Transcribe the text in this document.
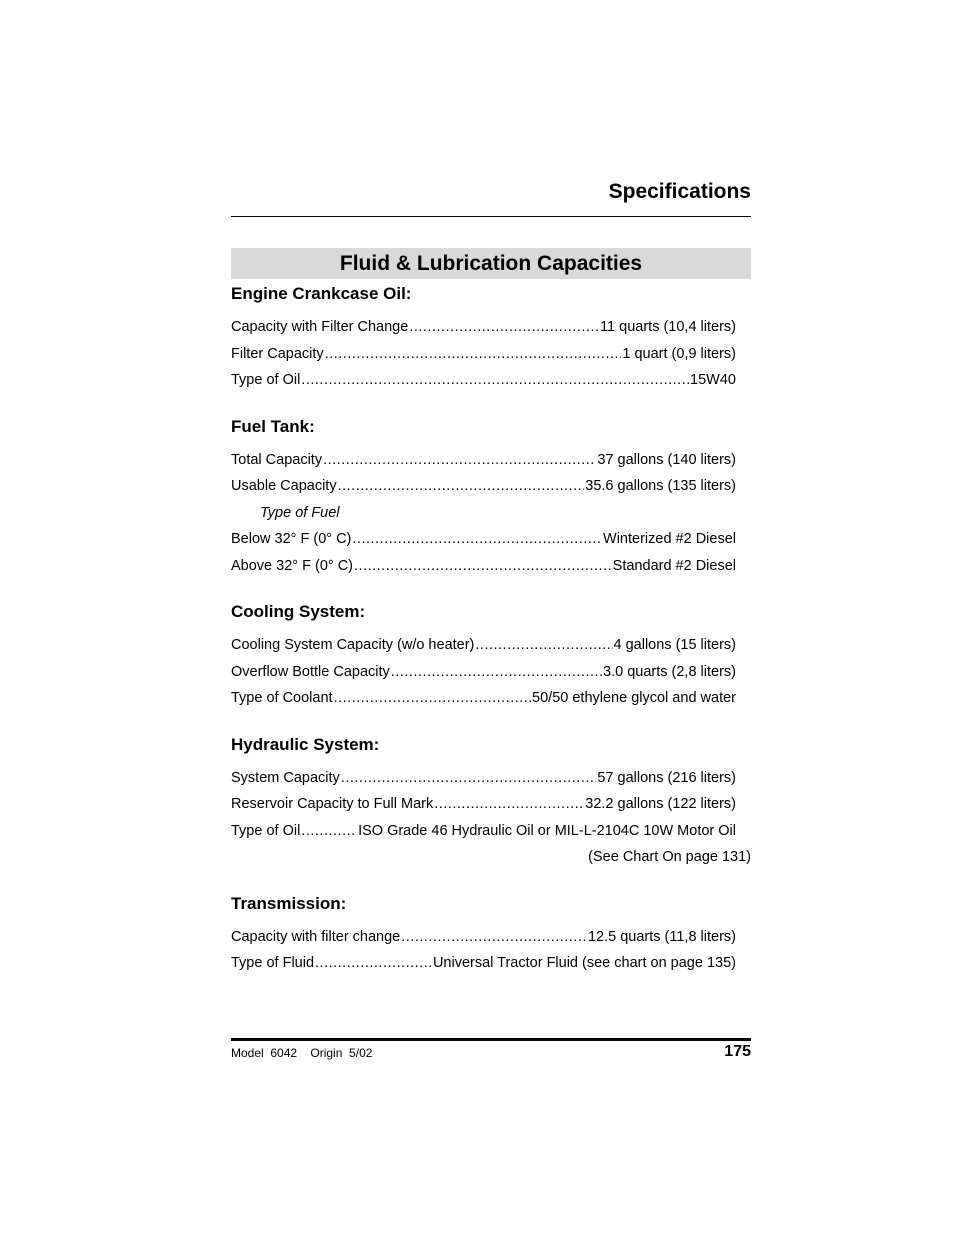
Specifications
Fluid & Lubrication Capacities
Engine Crankcase Oil:
Capacity with Filter Change .....	11 quarts (10,4 liters)
Filter Capacity .....	1 quart (0,9 liters)
Type of Oil .....	15W40
Fuel Tank:
Total Capacity .....	37 gallons (140 liters)
Usable Capacity .....	35.6 gallons (135 liters)
Type of Fuel
Below 32° F (0° C) .....	Winterized #2 Diesel
Above 32° F (0° C) .....	Standard #2 Diesel
Cooling System:
Cooling System Capacity (w/o heater) .....	4 gallons (15 liters)
Overflow Bottle Capacity .....	3.0 quarts (2,8 liters)
Type of Coolant .....	50/50 ethylene glycol and water
Hydraulic System:
System Capacity .....	57 gallons (216 liters)
Reservoir Capacity to Full Mark .....	32.2 gallons (122 liters)
Type of Oil .....	ISO Grade 46 Hydraulic Oil or MIL-L-2104C 10W Motor Oil
(See Chart On page 131)
Transmission:
Capacity with filter change .....	12.5 quarts (11,8 liters)
Type of Fluid .....	Universal Tractor Fluid (see chart on page 135)
Model  6042    Origin  5/02	175
